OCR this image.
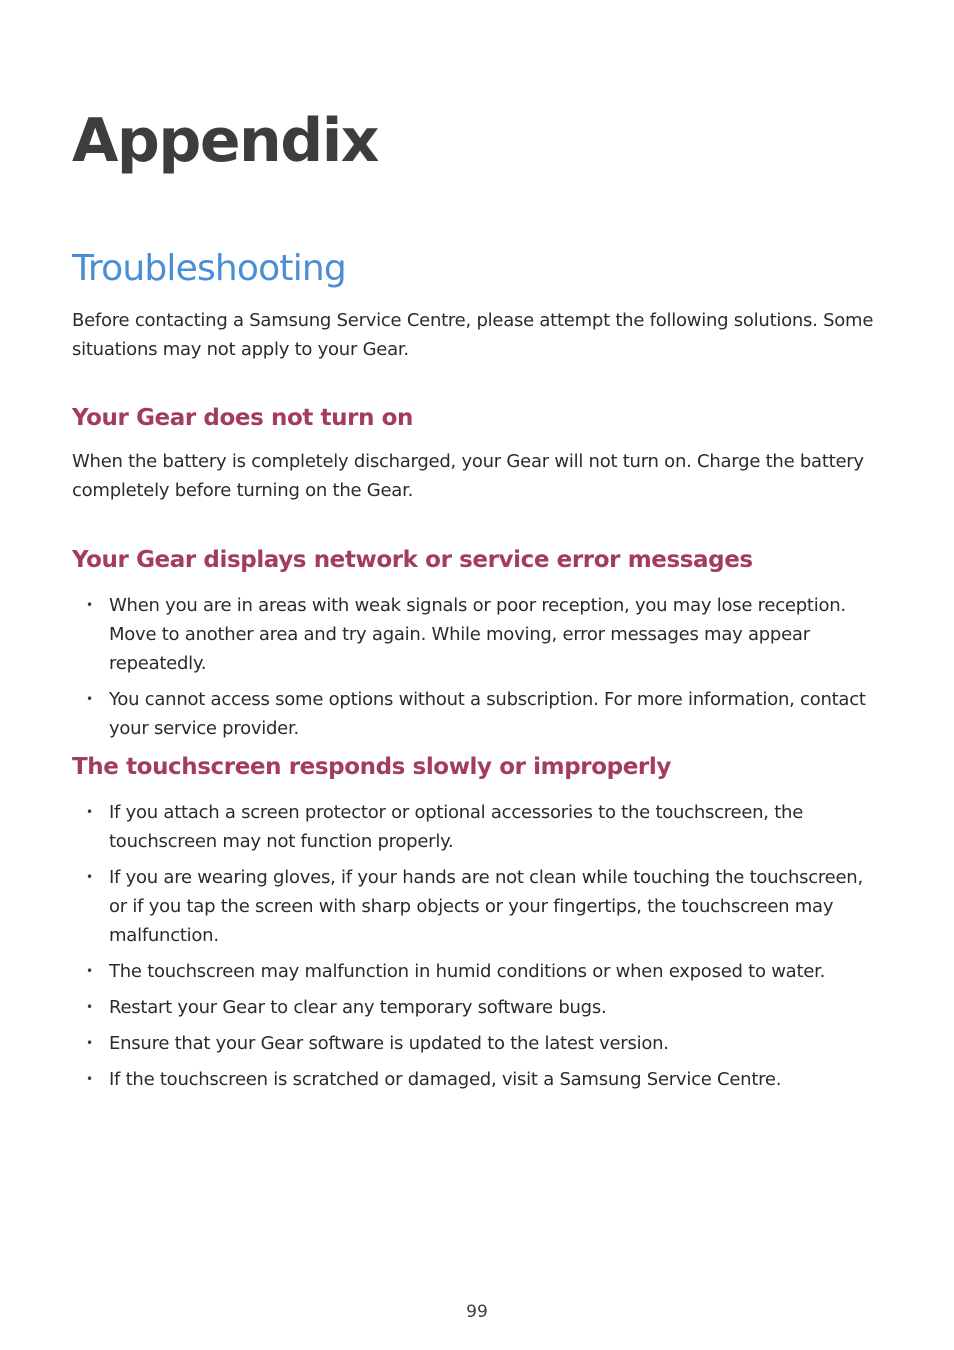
Appendix
Troubleshooting

Before contacting a Samsung Service Centre, please attempt the following solutions. Some situations may not apply to your Gear.

Your Gear does not turn on

When the battery is completely discharged, your Gear will not turn on. Charge the battery completely before turning on the Gear.

Your Gear displays network or service error messages
• When you are in areas with weak signals or poor reception, you may lose reception. Move to another area and try again. While moving, error messages may appear repeatedly.
• You cannot access some options without a subscription. For more information, contact your service provider.
The touchscreen responds slowly or improperly
• If you attach a screen protector or optional accessories to the touchscreen, the touchscreen may not function properly.
• If you are wearing gloves, if your hands are not clean while touching the touchscreen, or if you tap the screen with sharp objects or your fingertips, the touchscreen may malfunction.
• The touchscreen may malfunction in humid conditions or when exposed to water.
• Restart your Gear to clear any temporary software bugs.
• Ensure that your Gear software is updated to the latest version.
• If the touchscreen is scratched or damaged, visit a Samsung Service Centre.
99
